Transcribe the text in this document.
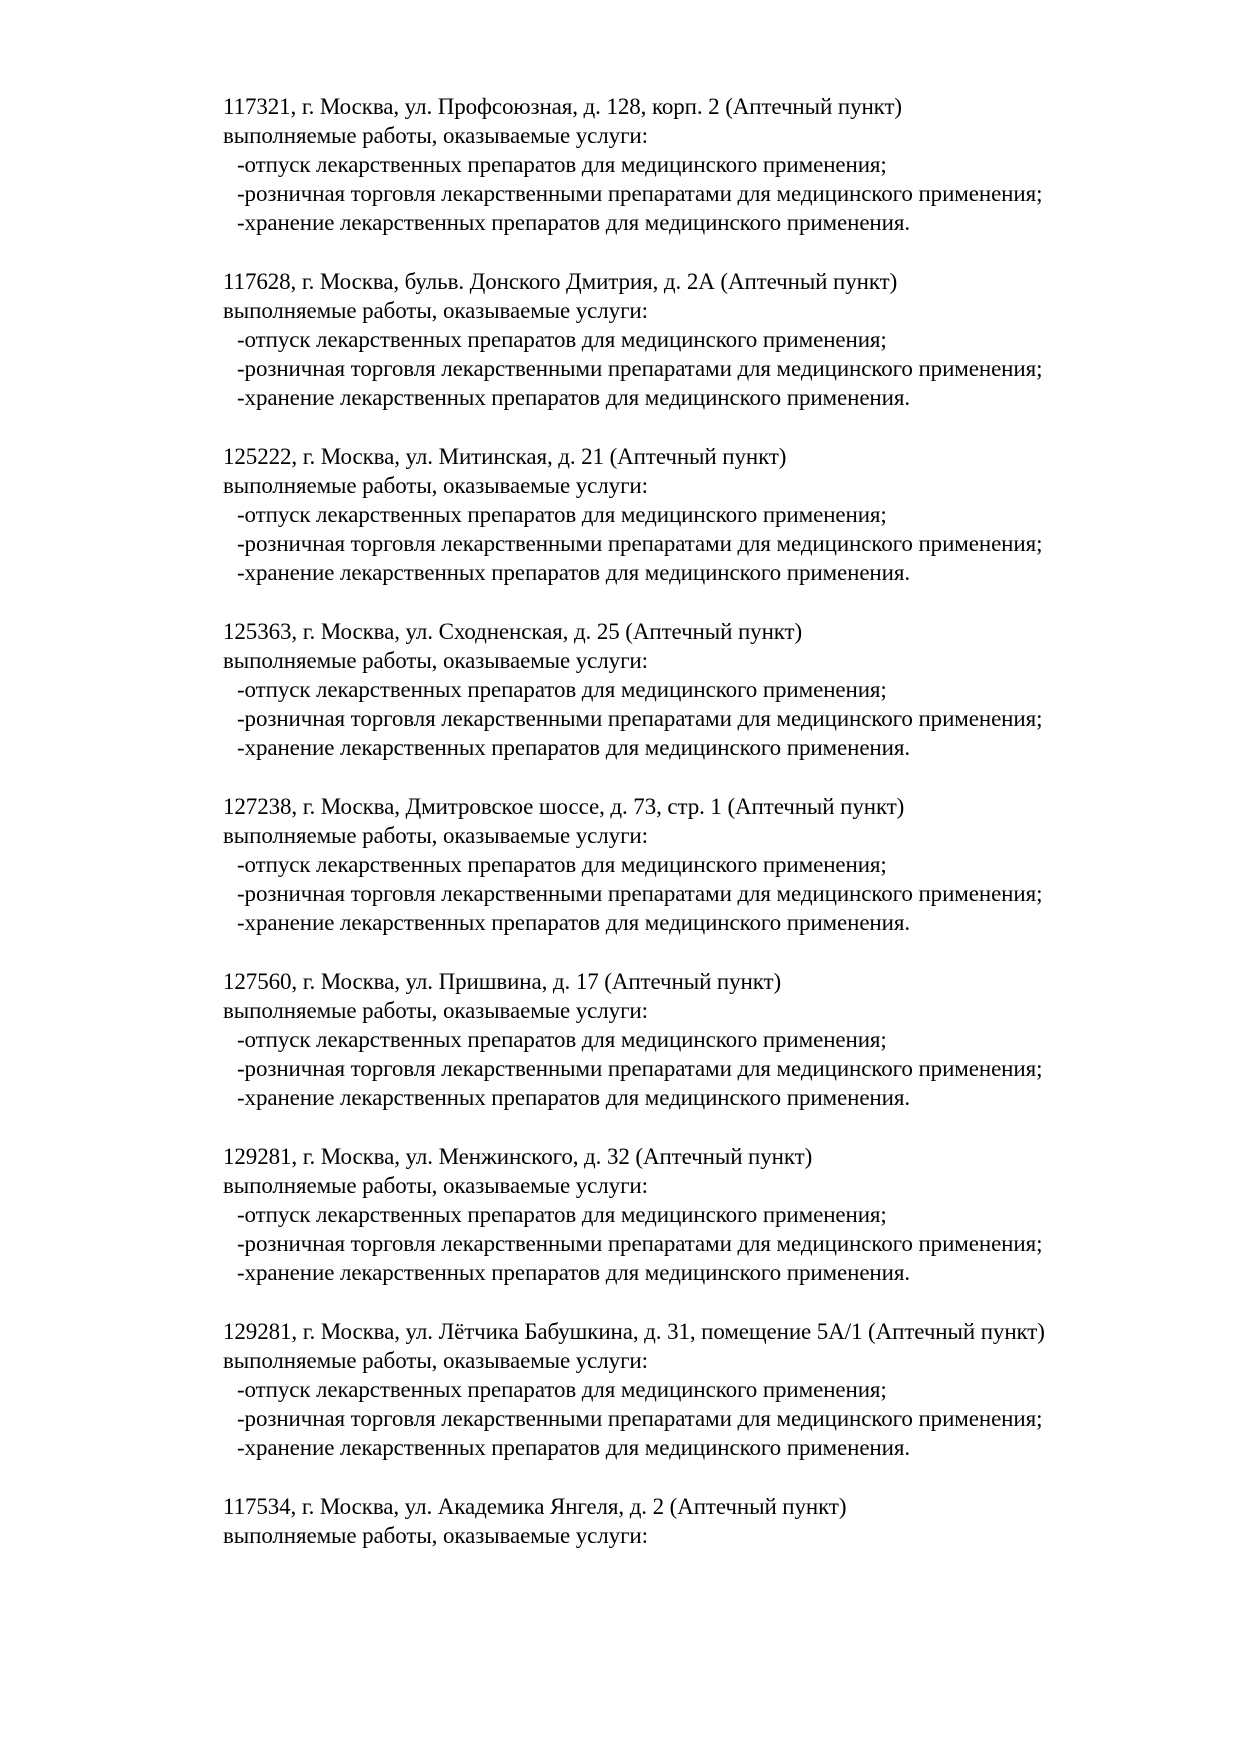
117321, г. Москва, ул. Профсоюзная, д. 128, корп. 2 (Аптечный пункт)
выполняемые работы, оказываемые услуги:
-отпуск лекарственных препаратов для медицинского применения;
-розничная торговля лекарственными препаратами для медицинского применения;
-хранение лекарственных препаратов для медицинского применения.
117628, г. Москва, бульв. Донского Дмитрия, д. 2А (Аптечный пункт)
выполняемые работы, оказываемые услуги:
-отпуск лекарственных препаратов для медицинского применения;
-розничная торговля лекарственными препаратами для медицинского применения;
-хранение лекарственных препаратов для медицинского применения.
125222, г. Москва, ул. Митинская, д. 21 (Аптечный пункт)
выполняемые работы, оказываемые услуги:
-отпуск лекарственных препаратов для медицинского применения;
-розничная торговля лекарственными препаратами для медицинского применения;
-хранение лекарственных препаратов для медицинского применения.
125363, г. Москва, ул. Сходненская, д. 25 (Аптечный пункт)
выполняемые работы, оказываемые услуги:
-отпуск лекарственных препаратов для медицинского применения;
-розничная торговля лекарственными препаратами для медицинского применения;
-хранение лекарственных препаратов для медицинского применения.
127238, г. Москва, Дмитровское шоссе, д. 73, стр. 1 (Аптечный пункт)
выполняемые работы, оказываемые услуги:
-отпуск лекарственных препаратов для медицинского применения;
-розничная торговля лекарственными препаратами для медицинского применения;
-хранение лекарственных препаратов для медицинского применения.
127560, г. Москва, ул. Пришвина, д. 17 (Аптечный пункт)
выполняемые работы, оказываемые услуги:
-отпуск лекарственных препаратов для медицинского применения;
-розничная торговля лекарственными препаратами для медицинского применения;
-хранение лекарственных препаратов для медицинского применения.
129281, г. Москва, ул. Менжинского, д. 32 (Аптечный пункт)
выполняемые работы, оказываемые услуги:
-отпуск лекарственных препаратов для медицинского применения;
-розничная торговля лекарственными препаратами для медицинского применения;
-хранение лекарственных препаратов для медицинского применения.
129281, г. Москва, ул. Лётчика Бабушкина, д. 31, помещение 5А/1 (Аптечный пункт)
выполняемые работы, оказываемые услуги:
-отпуск лекарственных препаратов для медицинского применения;
-розничная торговля лекарственными препаратами для медицинского применения;
-хранение лекарственных препаратов для медицинского применения.
117534, г. Москва, ул. Академика Янгеля, д. 2 (Аптечный пункт)
выполняемые работы, оказываемые услуги:
